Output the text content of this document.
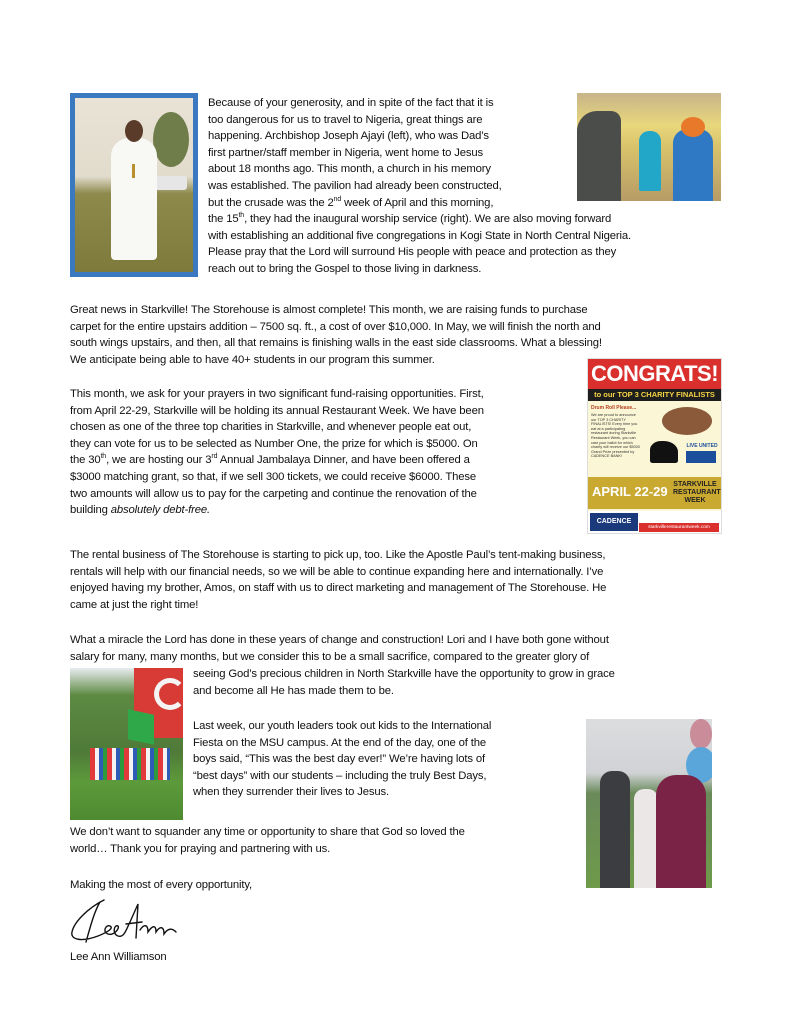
Because of your generosity, and in spite of the fact that it is
too dangerous for us to travel to Nigeria, great things are
happening. Archbishop Joseph Ajayi (left), who was Dad’s
first partner/staff member in Nigeria, went home to Jesus
about 18 months ago. This month, a church in his memory
was established. The pavilion had already been constructed,
but the crusade was the 2nd week of April and this morning,
the 15th, they had the inaugural worship service (right). We are also moving forward
with establishing an additional five congregations in Kogi State in North Central Nigeria.
Please pray that the Lord will surround His people with peace and protection as they
reach out to bring the Gospel to those living in darkness.
Great news in Starkville! The Storehouse is almost complete! This month, we are raising funds to purchase
carpet for the entire upstairs addition – 7500 sq. ft., a cost of over $10,000. In May, we will finish the north and
south wings upstairs, and then, all that remains is finishing walls in the east side classrooms. What a blessing!
We anticipate being able to have 40+ students in our program this summer.
CONGRATS!
to our TOP 3 CHARITY FINALISTS
Drum Roll Please...
We are proud to announce our TOP 3 CHARITY FINALISTS! Every time you eat at a participating restaurant during Starkville Restaurant Week, you can cast your ballot for which charity will receive our $5000 Grand Prize presented by CADENCE BANK!
LIVE UNITED
APRIL 22-29 STARKVILLE RESTAURANT WEEK
CADENCE
starkvillerestaurantweek.com
This month, we ask for your prayers in two significant fund-raising opportunities. First,
from April 22-29, Starkville will be holding its annual Restaurant Week. We have been
chosen as one of the three top charities in Starkville, and whenever people eat out,
they can vote for us to be selected as Number One, the prize for which is $5000. On
the 30th, we are hosting our 3rd Annual Jambalaya Dinner, and have been offered a
$3000 matching grant, so that, if we sell 300 tickets, we could receive $6000. These
two amounts will allow us to pay for the carpeting and continue the renovation of the
building absolutely debt-free.
The rental business of The Storehouse is starting to pick up, too. Like the Apostle Paul’s tent-making business,
rentals will help with our financial needs, so we will be able to continue expanding here and internationally. I’ve
enjoyed having my brother, Amos, on staff with us to direct marketing and management of The Storehouse. He
came at just the right time!
What a miracle the Lord has done in these years of change and construction! Lori and I have both gone without
salary for many, many months, but we consider this to be a small sacrifice, compared to the greater glory of
seeing God’s precious children in North Starkville have the opportunity to grow in grace
and become all He has made them to be.
Last week, our youth leaders took out kids to the International
Fiesta on the MSU campus. At the end of the day, one of the
boys said, “This was the best day ever!” We’re having lots of
“best days” with our students – including the truly Best Days,
when they surrender their lives to Jesus.
We don’t want to squander any time or opportunity to share that God so loved the
world… Thank you for praying and partnering with us.
Making the most of every opportunity,
Lee Ann Williamson
